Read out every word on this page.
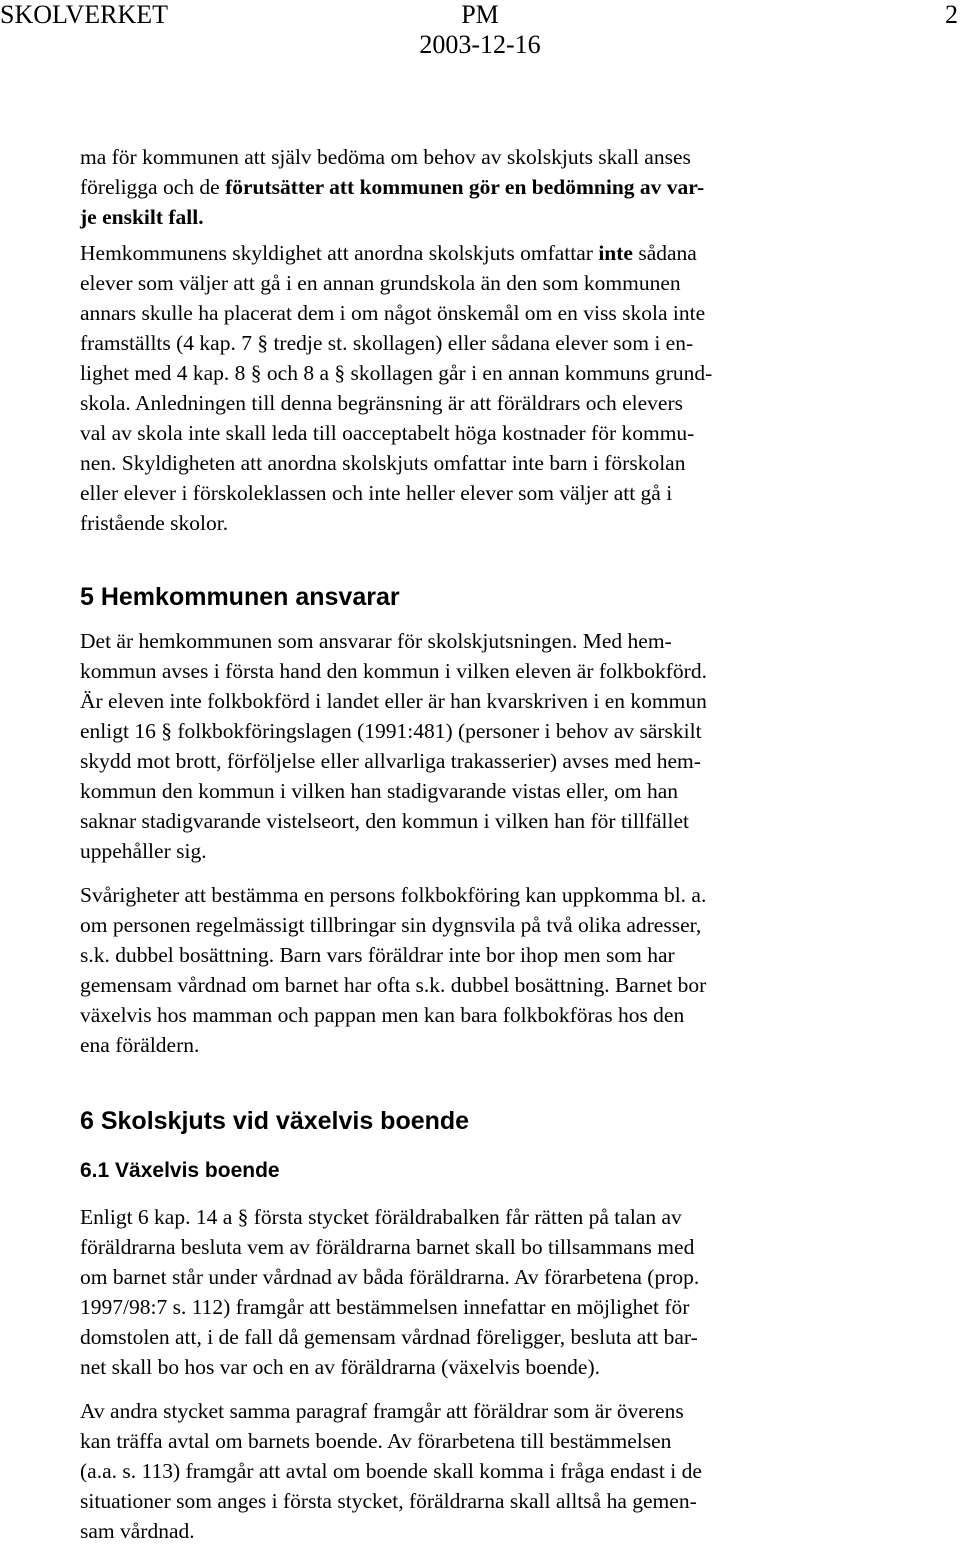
SKOLVERKET	PM
2003-12-16
2

ma för kommunen att själv bedöma om behov av skolskjuts skall anses
föreligga och de förutsätter att kommunen gör en bedömning av var-
je enskilt fall.

Hemkommunens skyldighet att anordna skolskjuts omfattar inte sådana
elever som väljer att gå i en annan grundskola än den som kommunen
annars skulle ha placerat dem i om något önskemål om en viss skola inte
framställts (4 kap. 7 § tredje st. skollagen) eller sådana elever som i en-
lighet med 4 kap. 8 § och 8 a § skollagen går i en annan kommuns grund-
skola. Anledningen till denna begränsning är att föräldrars och elevers
val av skola inte skall leda till oacceptabelt höga kostnader för kommu-
nen. Skyldigheten att anordna skolskjuts omfattar inte barn i förskolan
eller elever i förskoleklassen och inte heller elever som väljer att gå i
fristående skolor.

5 Hemkommunen ansvarar

Det är hemkommunen som ansvarar för skolskjutsningen. Med hem-
kommun avses i första hand den kommun i vilken eleven är folkbokförd.
Är eleven inte folkbokförd i landet eller är han kvarskriven i en kommun
enligt 16 § folkbokföringslagen (1991:481) (personer i behov av särskilt
skydd mot brott, förföljelse eller allvarliga trakasserier) avses med hem-
kommun den kommun i vilken han stadigvarande vistas eller, om han
saknar stadigvarande vistelseort, den kommun i vilken han för tillfället
uppehåller sig.

Svårigheter att bestämma en persons folkbokföring kan uppkomma bl. a.
om personen regelmässigt tillbringar sin dygnsvila på två olika adresser,
s.k. dubbel bosättning. Barn vars föräldrar inte bor ihop men som har
gemensam vårdnad om barnet har ofta s.k. dubbel bosättning. Barnet bor
växelvis hos mamman och pappan men kan bara folkbokföras hos den
ena föräldern.

6 Skolskjuts vid växelvis boende
6.1 Växelvis boende

Enligt 6 kap. 14 a § första stycket föräldrabalken får rätten på talan av
föräldrarna besluta vem av föräldrarna barnet skall bo tillsammans med
om barnet står under vårdnad av båda föräldrarna. Av förarbetena (prop.
1997/98:7 s. 112) framgår att bestämmelsen innefattar en möjlighet för
domstolen att, i de fall då gemensam vårdnad föreligger, besluta att bar-
net skall bo hos var och en av föräldrarna (växelvis boende).

Av andra stycket samma paragraf framgår att föräldrar som är överens
kan träffa avtal om barnets boende. Av förarbetena till bestämmelsen
(a.a. s. 113) framgår att avtal om boende skall komma i fråga endast i de
situationer som anges i första stycket, föräldrarna skall alltså ha gemen-
sam vårdnad.
